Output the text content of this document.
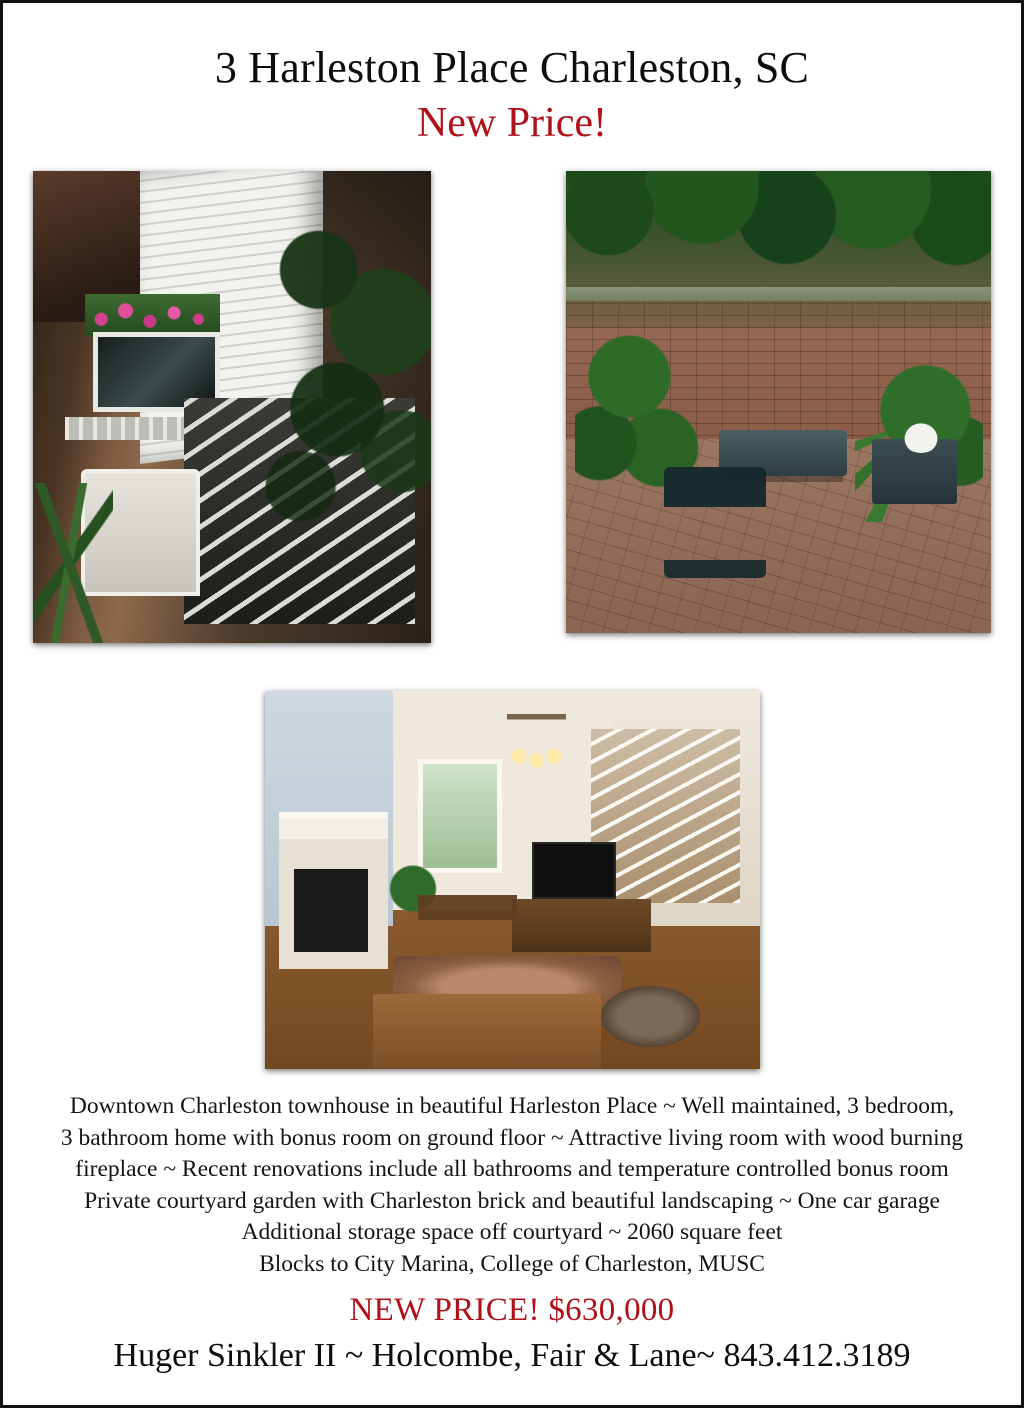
3 Harleston Place Charleston, SC
New Price!
Downtown Charleston townhouse in beautiful Harleston Place ~ Well maintained, 3 bedroom,
3 bathroom home with bonus room on ground floor ~ Attractive living room with wood burning
fireplace ~ Recent renovations include all bathrooms and temperature controlled bonus room
Private courtyard garden with Charleston brick and beautiful landscaping ~ One car garage
Additional storage space off courtyard ~ 2060 square feet
Blocks to City Marina, College of Charleston, MUSC
NEW PRICE! $630,000
Huger Sinkler II ~ Holcombe, Fair & Lane~ 843.412.3189
